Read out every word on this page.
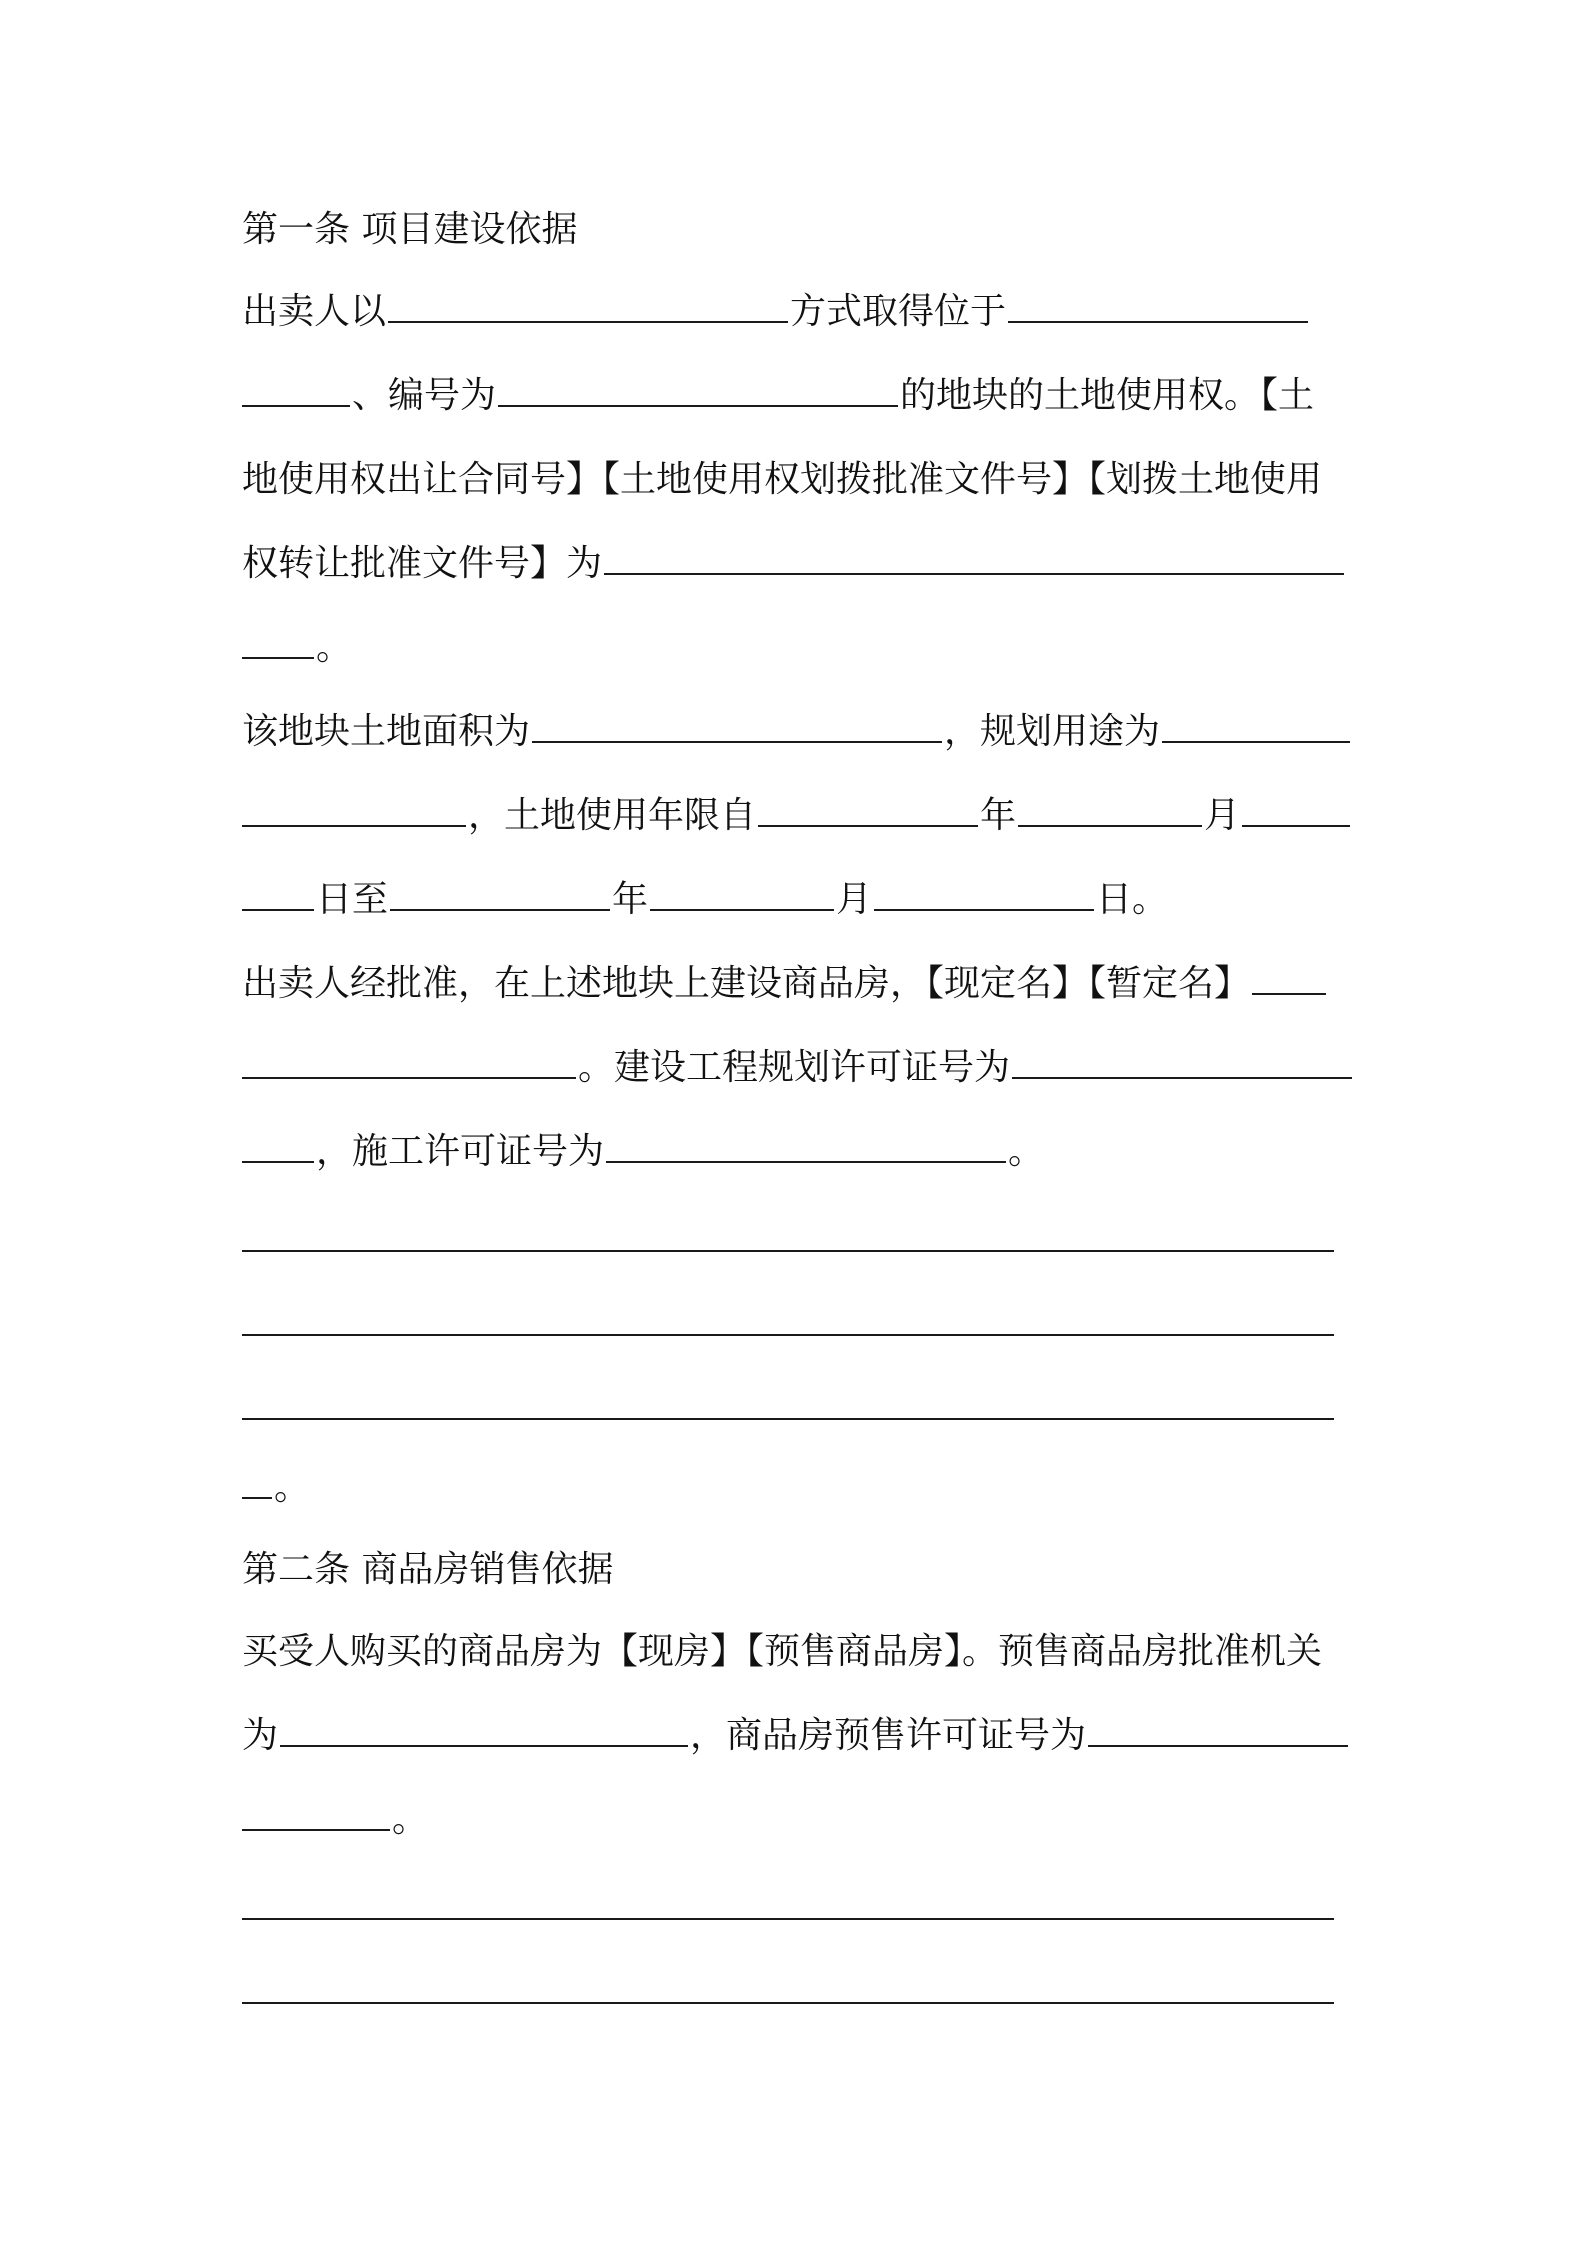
第一条 项目建设依据
出卖人以	方式取得位于
、编号为	的地块的土地使用权。【土
地使用权出让合同号】【土地使用权划拨批准文件号】【划拨土地使用
权转让批准文件号】为
。
该地块土地面积为	，规划用途为
，土地使用年限自	年	月
日至	年	月	日。
出卖人经批准，在上述地块上建设商品房，【现定名】【暂定名】
。建设工程规划许可证号为
，施工许可证号为	。
。
第二条 商品房销售依据
买受人购买的商品房为【现房】【预售商品房】。预售商品房批准机关
为	，商品房预售许可证号为
。
